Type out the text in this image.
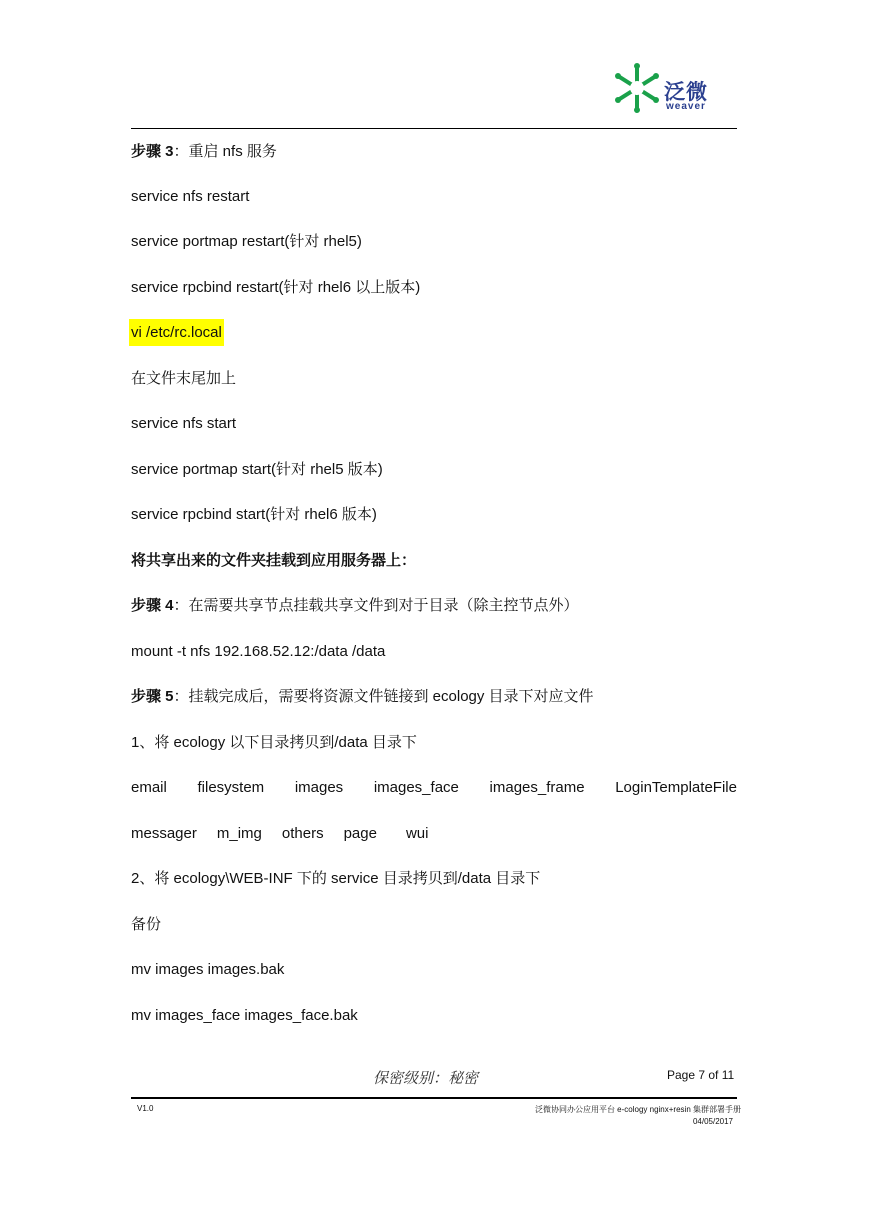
泛微
weaver
步骤 3：重启 nfs 服务
service nfs restart
service portmap restart(针对 rhel5)
service rpcbind restart(针对 rhel6 以上版本)
vi /etc/rc.local
在文件末尾加上
service nfs start
service portmap start(针对 rhel5 版本)
service rpcbind start(针对 rhel6 版本)
将共享出来的文件夹挂载到应用服务器上：
步骤 4：在需要共享节点挂载共享文件到对于目录（除主控节点外）
mount -t nfs 192.168.52.12:/data /data
步骤 5：挂载完成后，需要将资源文件链接到 ecology 目录下对应文件
1、将 ecology 以下目录拷贝到/data 目录下
email filesystem images images_face images_frame LoginTemplateFile
messager m_img others page wui
2、将 ecology\WEB-INF 下的 service 目录拷贝到/data 目录下
备份
mv images images.bak
mv images_face images_face.bak
保密级别：秘密	Page 7 of 11
V1.0	泛微协同办公应用平台 e-cology nginx+resin 集群部署手册
04/05/2017
